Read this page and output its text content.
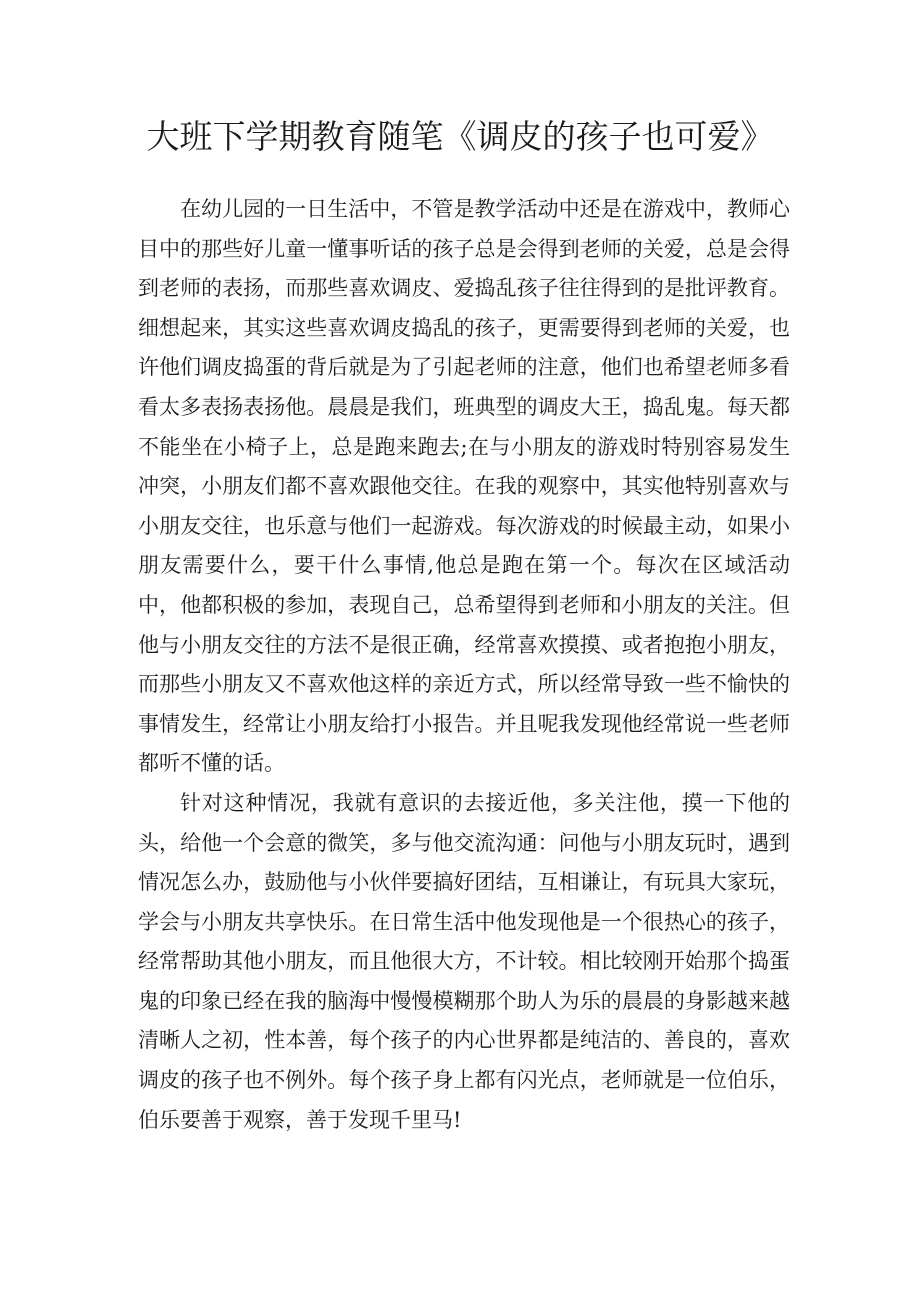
大班下学期教育随笔《调皮的孩子也可爱》

在幼儿园的一日生活中，不管是教学活动中还是在游戏中，教师心目中的那些好儿童一懂事听话的孩子总是会得到老师的关爱，总是会得到老师的表扬，而那些喜欢调皮、爱捣乱孩子往往得到的是批评教育。细想起来，其实这些喜欢调皮捣乱的孩子，更需要得到老师的关爱，也许他们调皮捣蛋的背后就是为了引起老师的注意，他们也希望老师多看看太多表扬表扬他。晨晨是我们，班典型的调皮大王，捣乱鬼。每天都不能坐在小椅子上，总是跑来跑去;在与小朋友的游戏时特别容易发生冲突，小朋友们都不喜欢跟他交往。在我的观察中，其实他特别喜欢与小朋友交往，也乐意与他们一起游戏。每次游戏的时候最主动，如果小朋友需要什么，要干什么事情,他总是跑在第一个。每次在区域活动中，他都积极的参加，表现自己，总希望得到老师和小朋友的关注。但他与小朋友交往的方法不是很正确，经常喜欢摸摸、或者抱抱小朋友，而那些小朋友又不喜欢他这样的亲近方式，所以经常导致一些不愉快的事情发生，经常让小朋友给打小报告。并且呢我发现他经常说一些老师都听不懂的话。

针对这种情况，我就有意识的去接近他，多关注他，摸一下他的头，给他一个会意的微笑，多与他交流沟通：问他与小朋友玩时，遇到情况怎么办，鼓励他与小伙伴要搞好团结，互相谦让，有玩具大家玩，学会与小朋友共享快乐。在日常生活中他发现他是一个很热心的孩子，经常帮助其他小朋友，而且他很大方，不计较。相比较刚开始那个捣蛋鬼的印象已经在我的脑海中慢慢模糊那个助人为乐的晨晨的身影越来越清晰人之初，性本善，每个孩子的内心世界都是纯洁的、善良的，喜欢调皮的孩子也不例外。每个孩子身上都有闪光点，老师就是一位伯乐，伯乐要善于观察，善于发现千里马!
